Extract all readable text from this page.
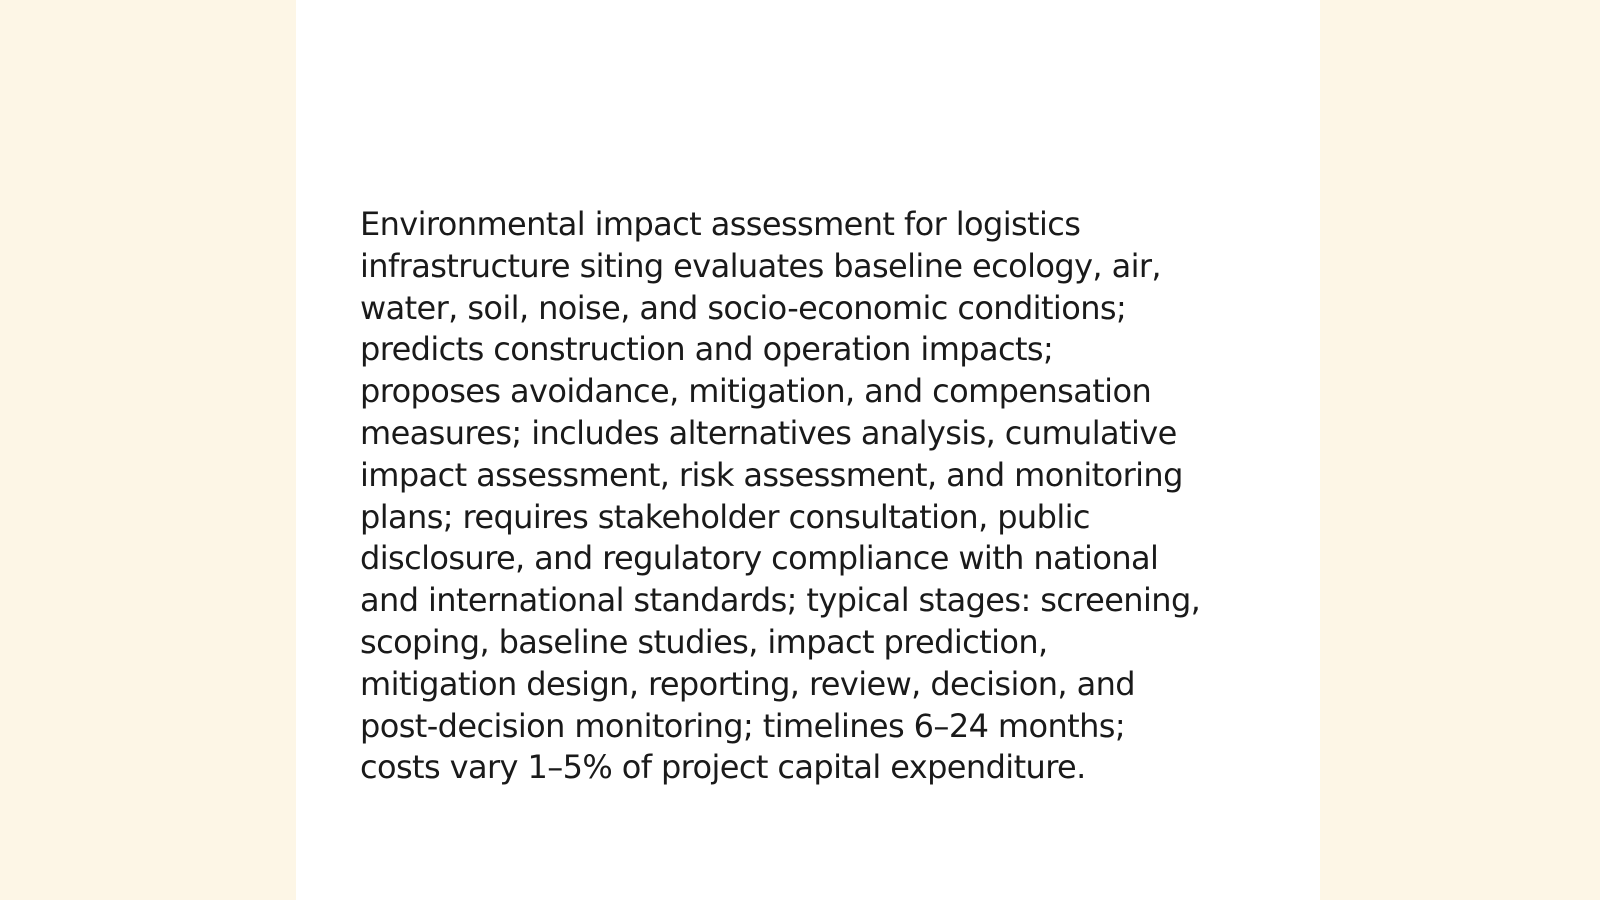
Environmental impact assessment for logistics
infrastructure siting evaluates baseline ecology, air,
water, soil, noise, and socio-economic conditions;
predicts construction and operation impacts;
proposes avoidance, mitigation, and compensation
measures; includes alternatives analysis, cumulative
impact assessment, risk assessment, and monitoring
plans; requires stakeholder consultation, public
disclosure, and regulatory compliance with national
and international standards; typical stages: screening,
scoping, baseline studies, impact prediction,
mitigation design, reporting, review, decision, and
post-decision monitoring; timelines 6–24 months;
costs vary 1–5% of project capital expenditure.
